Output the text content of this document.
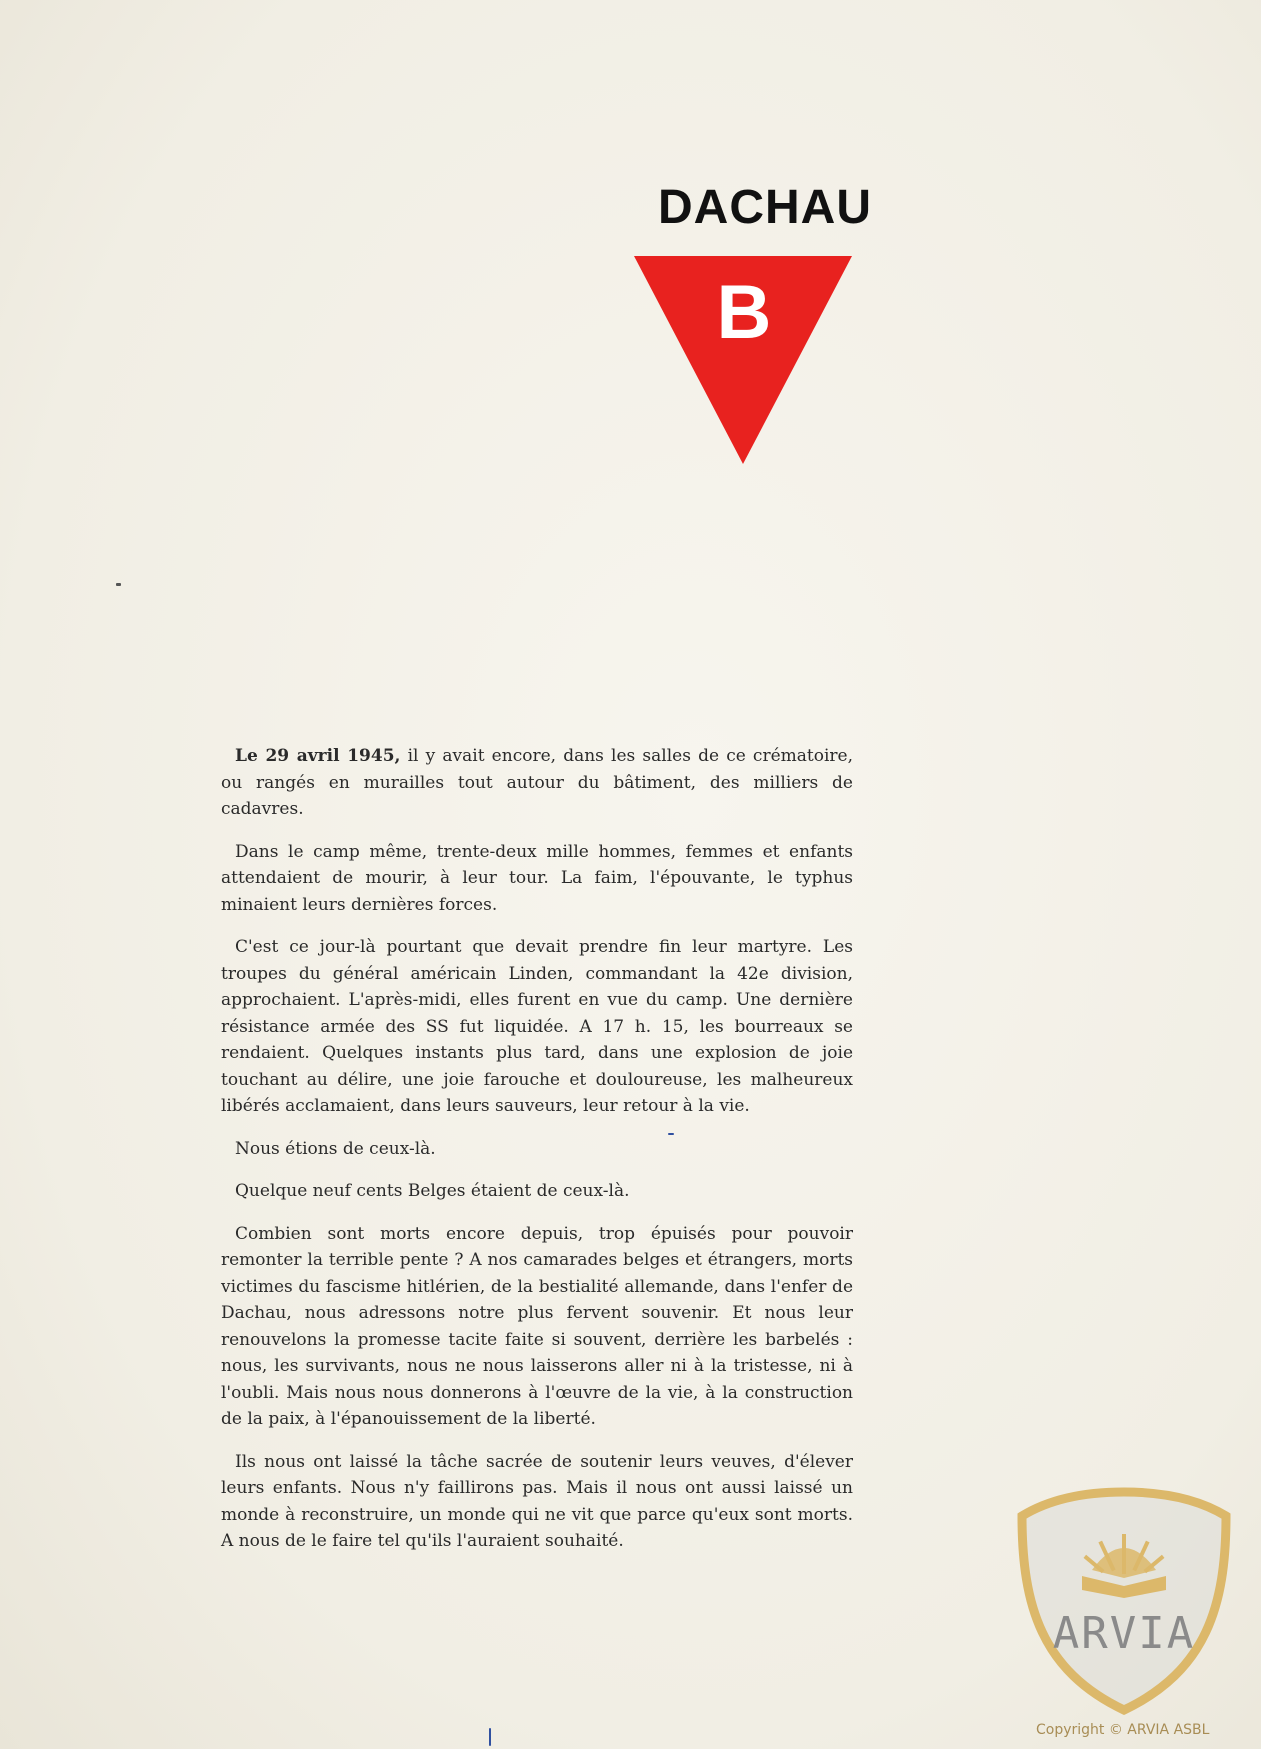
DACHAU
B

Le 29 avril 1945, il y avait encore, dans les salles de ce crématoire, ou rangés en murailles tout autour du bâtiment, des milliers de cadavres.

Dans le camp même, trente-deux mille hommes, femmes et enfants attendaient de mourir, à leur tour. La faim, l'épouvante, le typhus minaient leurs dernières forces.

C'est ce jour-là pourtant que devait prendre fin leur martyre. Les troupes du général américain Linden, commandant la 42e division, approchaient. L'après-midi, elles furent en vue du camp. Une dernière résistance armée des SS fut liquidée. A 17 h. 15, les bourreaux se rendaient. Quelques instants plus tard, dans une explosion de joie touchant au délire, une joie farouche et douloureuse, les malheureux libérés acclamaient, dans leurs sauveurs, leur retour à la vie.

Nous étions de ceux-là.

Quelque neuf cents Belges étaient de ceux-là.

Combien sont morts encore depuis, trop épuisés pour pouvoir remonter la terrible pente ? A nos camarades belges et étrangers, morts victimes du fascisme hitlérien, de la bestialité allemande, dans l'enfer de Dachau, nous adressons notre plus fervent souvenir. Et nous leur renouvelons la promesse tacite faite si souvent, derrière les barbelés : nous, les survivants, nous ne nous laisserons aller ni à la tristesse, ni à l'oubli. Mais nous nous donnerons à l'œuvre de la vie, à la construction de la paix, à l'épanouissement de la liberté.

Ils nous ont laissé la tâche sacrée de soutenir leurs veuves, d'élever leurs enfants. Nous n'y faillirons pas. Mais il nous ont aussi laissé un monde à reconstruire, un monde qui ne vit que parce qu'eux sont morts. A nous de le faire tel qu'ils l'auraient souhaité.

ARVIA
Copyright © ARVIA ASBL
